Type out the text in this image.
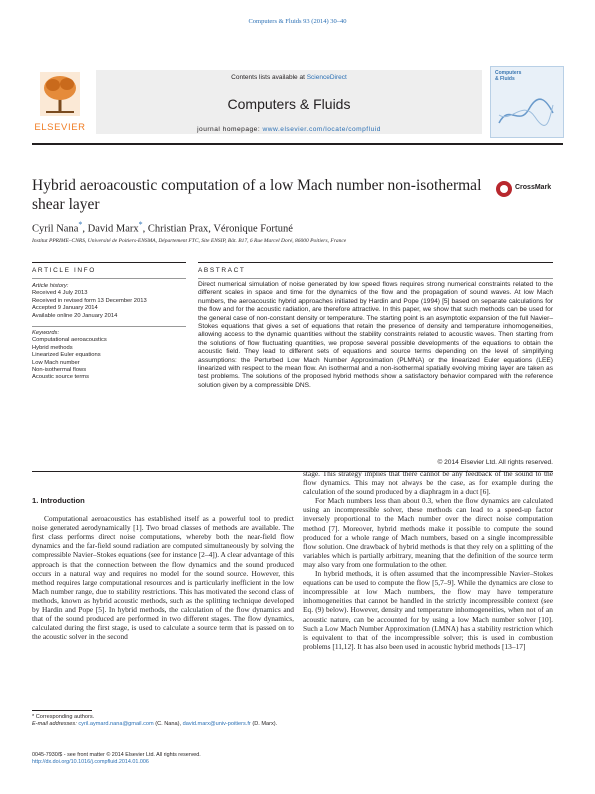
Computers & Fluids 93 (2014) 30–40
ELSEVIER
Contents lists available at ScienceDirect
Computers & Fluids
journal homepage: www.elsevier.com/locate/compfluid
Computers
& Fluids
Hybrid aeroacoustic computation of a low Mach number non-isothermal shear layer
CrossMark
Cyril Nana*, David Marx*, Christian Prax, Véronique Fortuné
Institut PPRIME–CNRS, Université de Poitiers-ENSMA, Département FTC, Site ENSIP, Bât. B17, 6 Rue Marcel Doré, 86000 Poitiers, France
ARTICLE INFO	ABSTRACT
Article history:
Received 4 July 2013
Received in revised form 13 December 2013
Accepted 9 January 2014
Available online 20 January 2014
Keywords:
Computational aeroacoustics
Hybrid methods
Linearized Euler equations
Low Mach number
Non-isothermal flows
Acoustic source terms
Direct numerical simulation of noise generated by low speed flows requires strong numerical constraints related to the different scales in space and time for the dynamics of the flow and the propagation of sound waves. At low Mach numbers, the aeroacoustic hybrid approaches initiated by Hardin and Pope (1994) [5] based on separate calculations for the flow and for the acoustic radiation, are therefore attractive. In this paper, we show that such methods can be used for the general case of non-constant density or temperature. The starting point is an asymptotic expansion of the full Navier–Stokes equations that gives a set of equations that retain the presence of density and temperature inhomogeneities, allowing access to the dynamic quantities without the stability constraints related to acoustic waves. Then starting from the solutions of flow fluctuating quantities, we propose several possible developments of the equations to obtain the acoustic field. They lead to different sets of equations and source terms depending on the level of simplifying assumptions: the Perturbed Low Mach Number Approximation (PLMNA) or the linearized Euler equations (LEE) linearized with respect to the mean flow. An isothermal and a non-isothermal spatially evolving mixing layer are taken as test problems. The solutions of the proposed hybrid methods show a satisfactory behavior compared with the reference solution given by a compressible DNS.
© 2014 Elsevier Ltd. All rights reserved.
1. Introduction

Computational aeroacoustics has established itself as a powerful tool to predict noise generated aerodynamically [1]. Two broad classes of methods are available. The first class performs direct noise computations, whereby both the near-field flow dynamics and the far-field sound radiation are computed simultaneously by solving the compressible Navier–Stokes equations (see for instance [2–4]). A clear advantage of this approach is that the connection between the flow dynamics and the sound produced occurs in a natural way and requires no model for the sound source. However, this method requires large computational resources and is particularly inefficient in the low Mach number range, due to stability restrictions. This has motivated the second class of methods, known as hybrid acoustic methods, such as the splitting technique developed by Hardin and Pope [5]. In hybrid methods, the calculation of the flow dynamics and that of the sound produced are performed in two different stages. The flow dynamics, calculated during the first stage, is used to calculate a source term that is passed on to the acoustic solver in the second

stage. This strategy implies that there cannot be any feedback of the sound to the flow dynamics. This may not always be the case, as for example during the calculation of the sound produced by a diaphragm in a duct [6].

For Mach numbers less than about 0.3, when the flow dynamics are calculated using an incompressible solver, these methods can lead to a speed-up factor inversely proportional to the Mach number over the direct noise computation method [7]. Moreover, hybrid methods make it possible to compute the sound produced for a whole range of Mach numbers, based on a single incompressible flow solution. One drawback of hybrid methods is that they rely on a splitting of the variables which is partially arbitrary, meaning that the definition of the source term may also vary from one formulation to the other.

In hybrid methods, it is often assumed that the incompressible Navier–Stokes equations can be used to compute the flow [5,7–9]. While the dynamics are close to incompressible at low Mach numbers, the flow may have temperature inhomogeneities that cannot be handled in the strictly incompressible context (see Eq. (9) below). However, density and temperature inhomogeneities, when not of an acoustic nature, can be accounted for by using a low Mach number solver [10]. Such a Low Mach Number Approximation (LMNA) has a stability restriction which is equivalent to that of the incompressible solver; this is used in combustion problems [11,12]. It has also been used in acoustic hybrid methods [13–17]

* Corresponding authors.
E-mail addresses: cyril.aymard.nana@gmail.com (C. Nana), david.marx@univ-poitiers.fr (D. Marx).
0045-7930/$ - see front matter © 2014 Elsevier Ltd. All rights reserved.
http://dx.doi.org/10.1016/j.compfluid.2014.01.006
